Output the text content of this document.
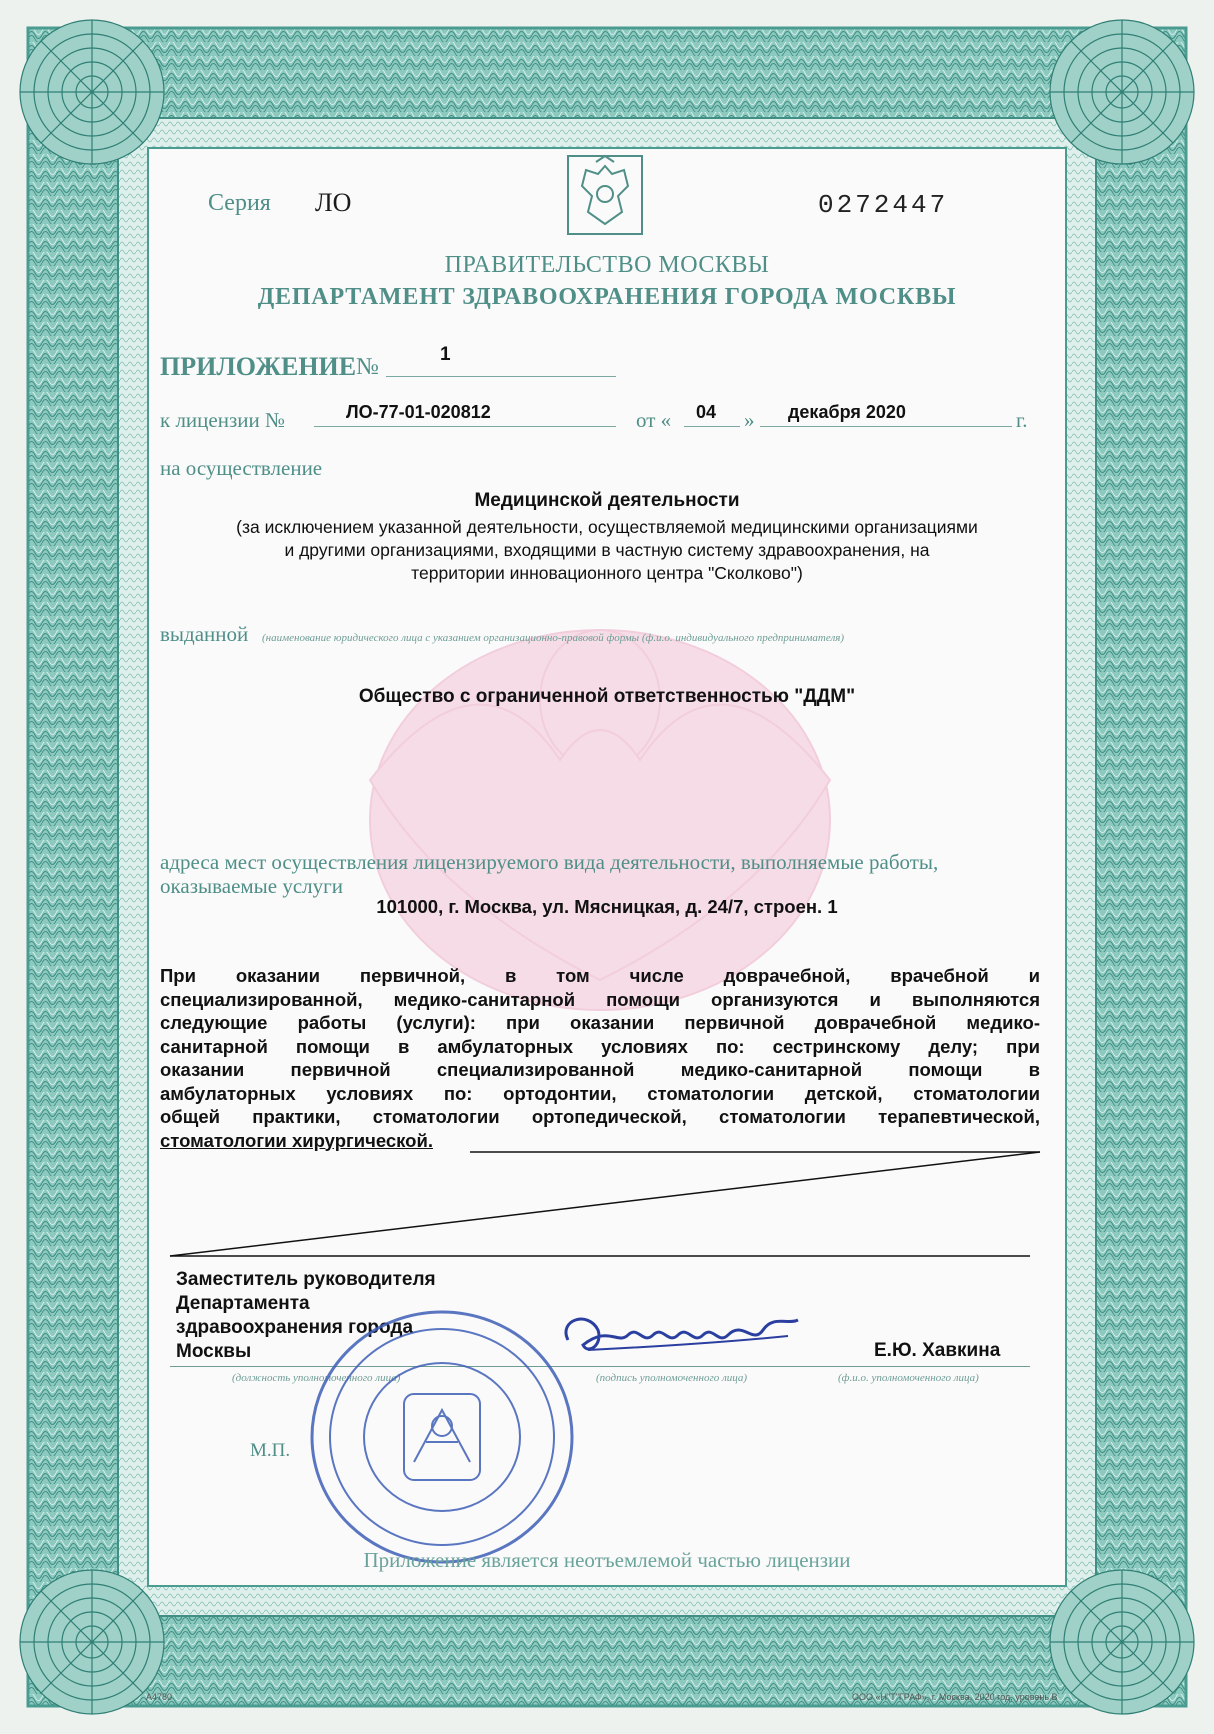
Серия ЛО	0272447
ПРАВИТЕЛЬСТВО МОСКВЫ
ДЕПАРТАМЕНТ ЗДРАВООХРАНЕНИЯ ГОРОДА МОСКВЫ
ПРИЛОЖЕНИЕ №	1
к лицензии №	ЛО-77-01-020812	от « 04 » декабря 2020	г.
на осуществление
Медицинской деятельности
(за исключением указанной деятельности, осуществляемой медицинскими организациями
и другими организациями, входящими в частную систему здравоохранения, на
территории инновационного центра "Сколково")
выданной (наименование юридического лица с указанием организационно-правовой формы (ф.и.о. индивидуального предпринимателя)
Общество с ограниченной ответственностью "ДДМ"
адреса мест осуществления лицензируемого вида деятельности, выполняемые работы,
оказываемые услуги
101000, г. Москва, ул. Мясницкая, д. 24/7, строен. 1
При оказании первичной, в том числе доврачебной, врачебной и
специализированной, медико-санитарной помощи организуются и выполняются
следующие работы (услуги): при оказании первичной доврачебной медико-
санитарной помощи в амбулаторных условиях по: сестринскому делу; при
оказании первичной специализированной медико-санитарной помощи в
амбулаторных условиях по: ортодонтии, стоматологии детской, стоматологии
общей практики, стоматологии ортопедической, стоматологии терапевтической,
стоматологии хирургической.
Заместитель руководителя
Департамента
здравоохранения города
Москвы	Е.Ю. Хавкина
(должность уполномоченного лица)	(подпись уполномоченного лица)	(ф.и.о. уполномоченного лица)
М.П.
Приложение является неотъемлемой частью лицензии
А4780	ООО «Н"Т"ГРАФ», г. Москва, 2020 год, уровень В
